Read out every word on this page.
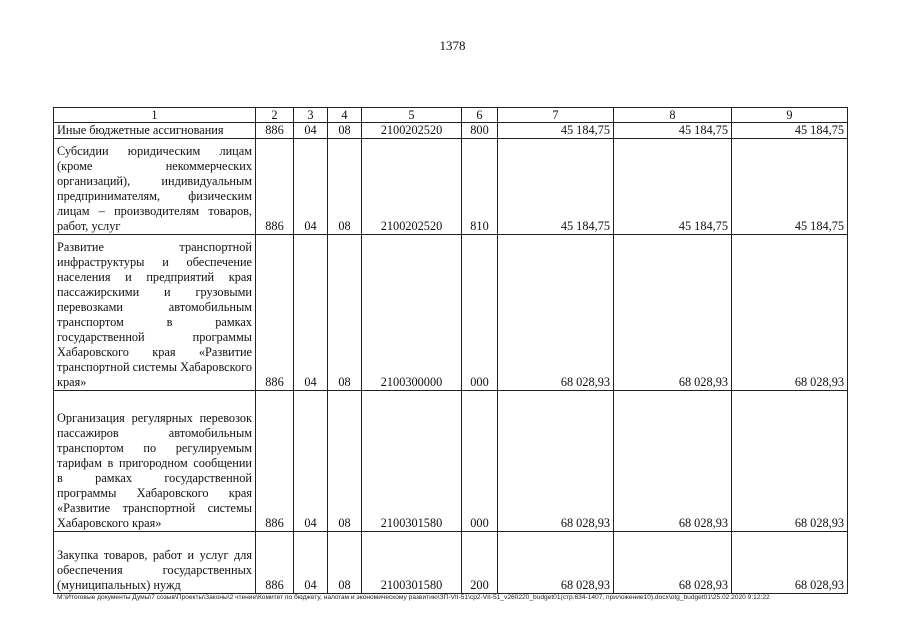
1378
1	2	3	4	5	6	7	8	9
Иные бюджетные ассигнования	886	04	08	2100202520	800	45 184,75	45 184,75	45 184,75
Субсидии юридическим лицам (кроме некоммерческих организаций), индивидуальным предпринимателям, физическим лицам – производителям товаров, работ, услуг	886	04	08	2100202520	810	45 184,75	45 184,75	45 184,75
Развитие транспортной инфраструктуры и обеспечение населения и предприятий края пассажирскими и грузовыми перевозками автомобильным транспортом в рамках государственной программы Хабаровского края «Развитие транспортной системы Хабаровского края»	886	04	08	2100300000	000	68 028,93	68 028,93	68 028,93
Организация регулярных перевозок пассажиров автомобильным транспортом по регулируемым тарифам в пригородном сообщении в рамках государственной программы Хабаровского края «Развитие транспортной системы Хабаровского края»	886	04	08	2100301580	000	68 028,93	68 028,93	68 028,93
Закупка товаров, работ и услуг для обеспечения государственных (муниципальных) нужд	886	04	08	2100301580	200	68 028,93	68 028,93	68 028,93
M:\Итоговые документы Думы\7 созыв\Проекты\Законы\2 чтение\Комитет по бюджету, налогам и экономическому развитию\ЗП-VII-51\ср2-VII-51_v260220_budget01(стр.634-1407, приложение10).docx\otg_budget01\25.02.2020 9:12:22
